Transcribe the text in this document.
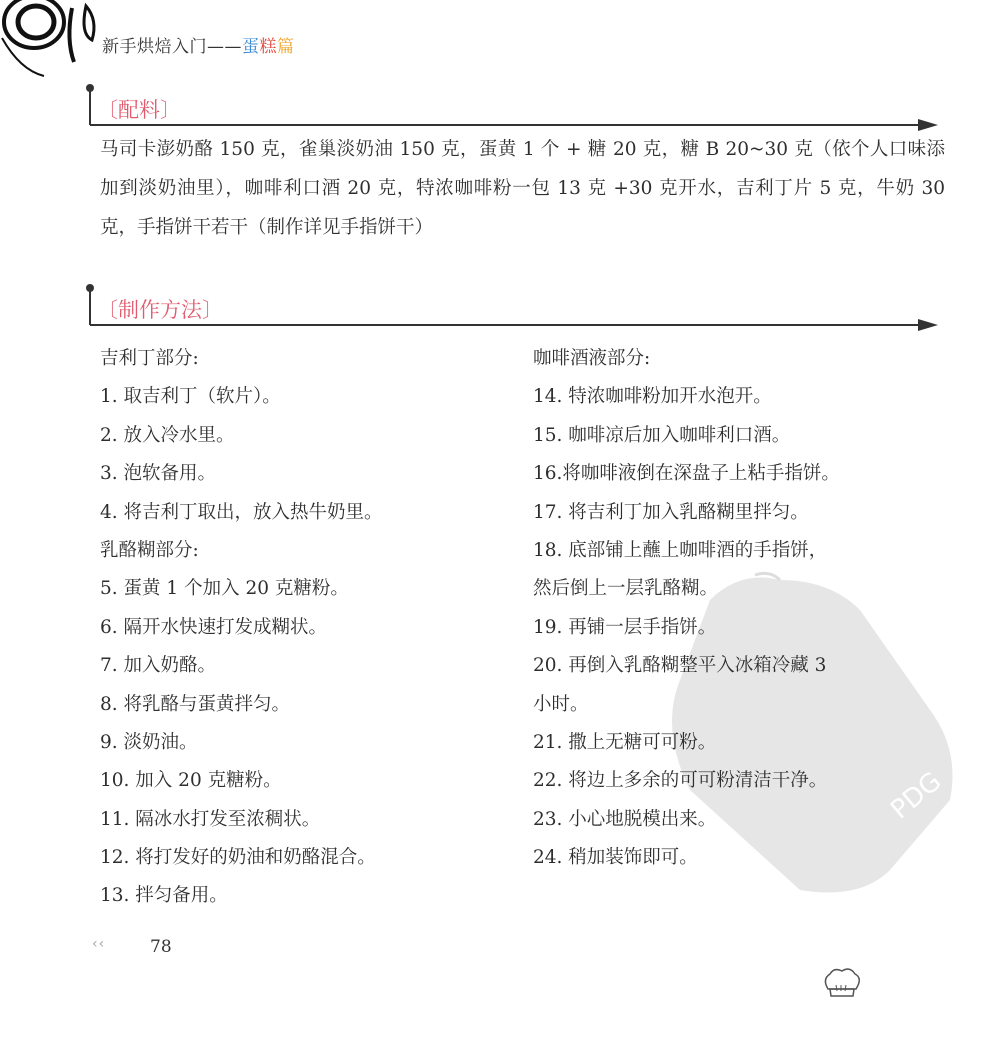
新手烘焙入门——蛋糕篇
〔配料〕
马司卡澎奶酪 150 克，雀巢淡奶油 150 克，蛋黄 1 个 + 糖 20 克，糖 B 20~30 克（依个人口味添加到淡奶油里），咖啡利口酒 20 克，特浓咖啡粉一包 13 克 +30 克开水，吉利丁片 5 克，牛奶 30 克，手指饼干若干（制作详见手指饼干）
〔制作方法〕
PDG
吉利丁部分:
1. 取吉利丁（软片）。
2. 放入冷水里。
3. 泡软备用。
4. 将吉利丁取出，放入热牛奶里。
乳酪糊部分:
5. 蛋黄 1 个加入 20 克糖粉。
6. 隔开水快速打发成糊状。
7. 加入奶酪。
8. 将乳酪与蛋黄拌匀。
9. 淡奶油。
10. 加入 20 克糖粉。
11. 隔冰水打发至浓稠状。
12. 将打发好的奶油和奶酪混合。
13. 拌匀备用。
咖啡酒液部分:
14. 特浓咖啡粉加开水泡开。
15. 咖啡凉后加入咖啡利口酒。
16.将咖啡液倒在深盘子上粘手指饼。
17. 将吉利丁加入乳酪糊里拌匀。
18. 底部铺上蘸上咖啡酒的手指饼，
然后倒上一层乳酪糊。
19. 再铺一层手指饼。
20. 再倒入乳酪糊整平入冰箱冷藏 3
小时。
21. 撒上无糖可可粉。
22. 将边上多余的可可粉清洁干净。
23. 小心地脱模出来。
24. 稍加装饰即可。
‹‹	78
